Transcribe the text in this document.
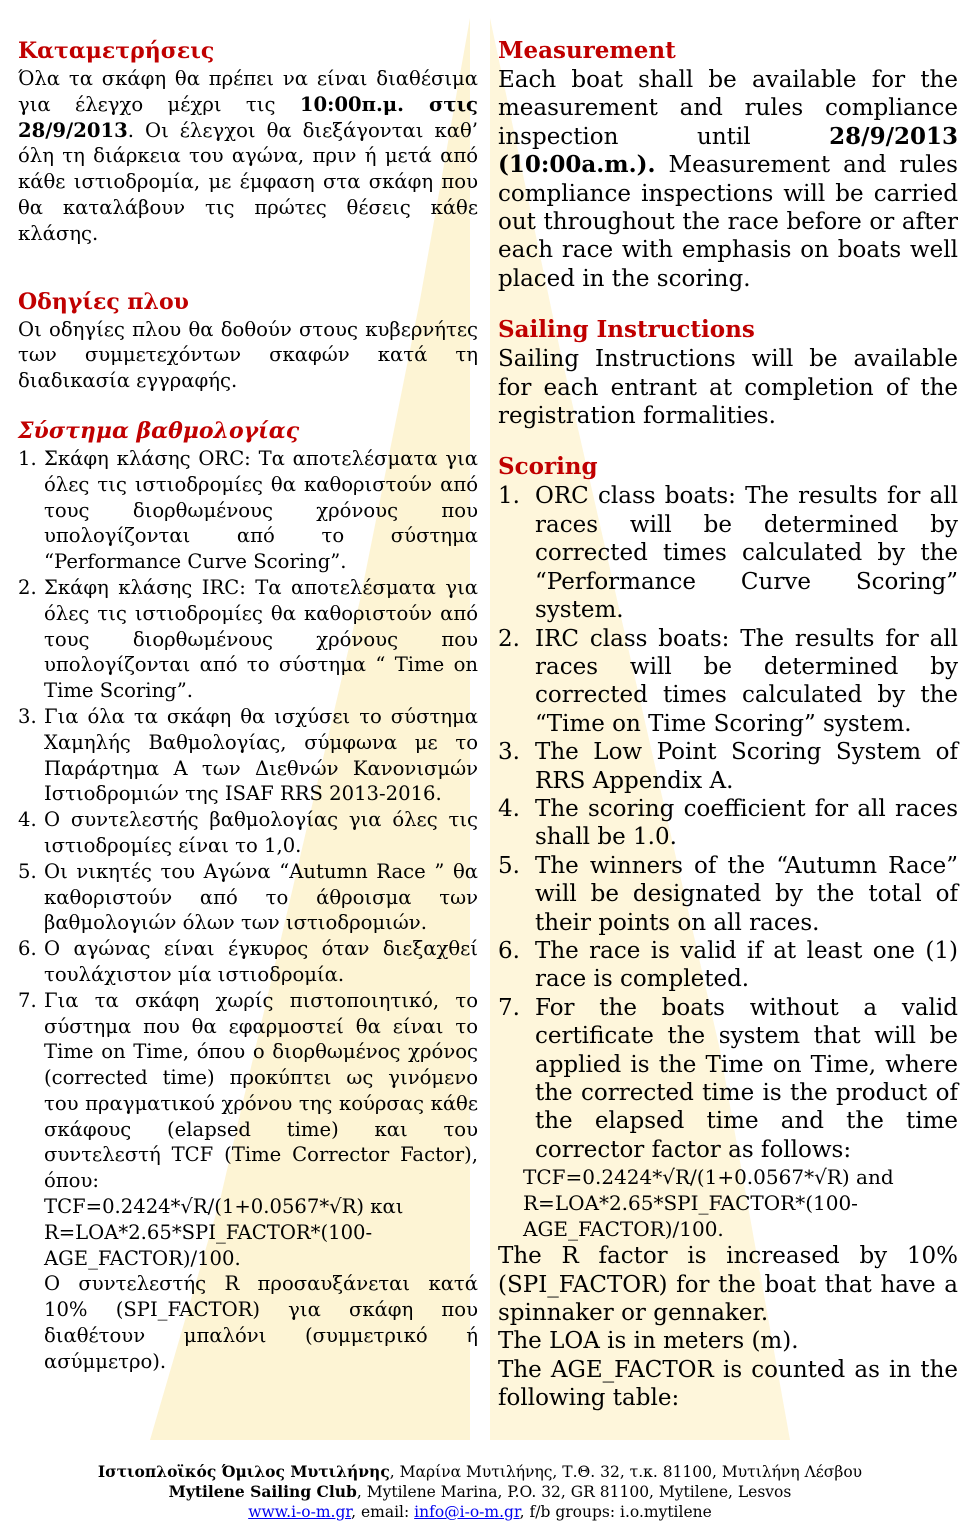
Καταμετρήσεις

Όλα τα σκάφη θα πρέπει να είναι διαθέσιμα για έλεγχο μέχρι τις 10:00π.μ. στις 28/9/2013. Οι έλεγχοι θα διεξάγονται καθ’ όλη τη διάρκεια του αγώνα, πριν ή μετά από κάθε ιστιοδρομία, με έμφαση στα σκάφη που θα καταλάβουν τις πρώτες θέσεις κάθε κλάσης.

Οδηγίες πλου

Οι οδηγίες πλου θα δοθούν στους κυβερνήτες των συμμετεχόντων σκαφών κατά τη διαδικασία εγγραφής.

Σύστημα βαθμολογίας
1. Σκάφη κλάσης ORC: Τα αποτελέσματα για όλες τις ιστιοδρομίες θα καθοριστούν από τους διορθωμένους χρόνους που υπολογίζονται από το σύστημα “Performance Curve Scoring”.
2. Σκάφη κλάσης IRC: Τα αποτελέσματα για όλες τις ιστιοδρομίες θα καθοριστούν από τους διορθωμένους χρόνους που υπολογίζονται από το σύστημα “ Time on Time Scoring”.
3. Για όλα τα σκάφη θα ισχύσει το σύστημα Χαμηλής Βαθμολογίας, σύμφωνα με το Παράρτημα Α των Διεθνών Κανονισμών Ιστιοδρομιών της ISAF RRS 2013-2016.
4. Ο συντελεστής βαθμολογίας για όλες τις ιστιοδρομίες είναι το 1,0.
5. Οι νικητές του Αγώνα “Autumn Race ” θα καθοριστούν από το άθροισμα των βαθμολογιών όλων των ιστιοδρομιών.
6. Ο αγώνας είναι έγκυρος όταν διεξαχθεί τουλάχιστον μία ιστιοδρομία.
7. Για τα σκάφη χωρίς πιστοποιητικό, το σύστημα που θα εφαρμοστεί θα είναι το Time on Time, όπου ο διορθωμένος χρόνος (corrected time) προκύπτει ως γινόμενο του πραγματικού χρόνου της κούρσας κάθε σκάφους (elapsed time) και του συντελεστή TCF (Time Corrector Factor), όπου:
TCF=0.2424*√R/(1+0.0567*√R) και
R=LOA*2.65*SPI_FACTOR*(100-AGE_FACTOR)/100.

Ο συντελεστής R προσαυξάνεται κατά 10% (SPI_FACTOR) για σκάφη που διαθέτουν μπαλόνι (συμμετρικό ή ασύμμετρο).

Measurement

Each boat shall be available for the measurement and rules compliance inspection until 28/9/2013 (10:00a.m.). Measurement and rules compliance inspections will be carried out throughout the race before or after each race with emphasis on boats well placed in the scoring.

Sailing Instructions

Sailing Instructions will be available for each entrant at completion of the registration formalities.

Scoring
1. ORC class boats: The results for all races will be determined by corrected times calculated by the “Performance Curve Scoring” system.
2. IRC class boats: The results for all races will be determined by corrected times calculated by the “Time on Time Scoring” system.
3. The Low Point Scoring System of RRS Appendix A.
4. The scoring coefficient for all races shall be 1.0.
5. The winners of the “Autumn Race” will be designated by the total of their points on all races.
6. The race is valid if at least one (1) race is completed.
7. For the boats without a valid certificate the system that will be applied is the Time on Time, where the corrected time is the product of the elapsed time and the time corrector factor as follows:
TCF=0.2424*√R/(1+0.0567*√R) and
R=LOA*2.65*SPI_FACTOR*(100-AGE_FACTOR)/100.

The R factor is increased by 10% (SPI_FACTOR) for the boat that have a spinnaker or gennaker.

The LOA is in meters (m).

The AGE_FACTOR is counted as in the following table:

Ιστιοπλοϊκός Όμιλος Μυτιλήνης, Μαρίνα Μυτιλήνης, Τ.Θ. 32, τ.κ. 81100, Μυτιλήνη Λέσβου
Mytilene Sailing Club, Mytilene Marina, P.O. 32, GR 81100, Mytilene, Lesvos
www.i-o-m.gr, email: info@i-o-m.gr, f/b groups: i.o.mytilene
